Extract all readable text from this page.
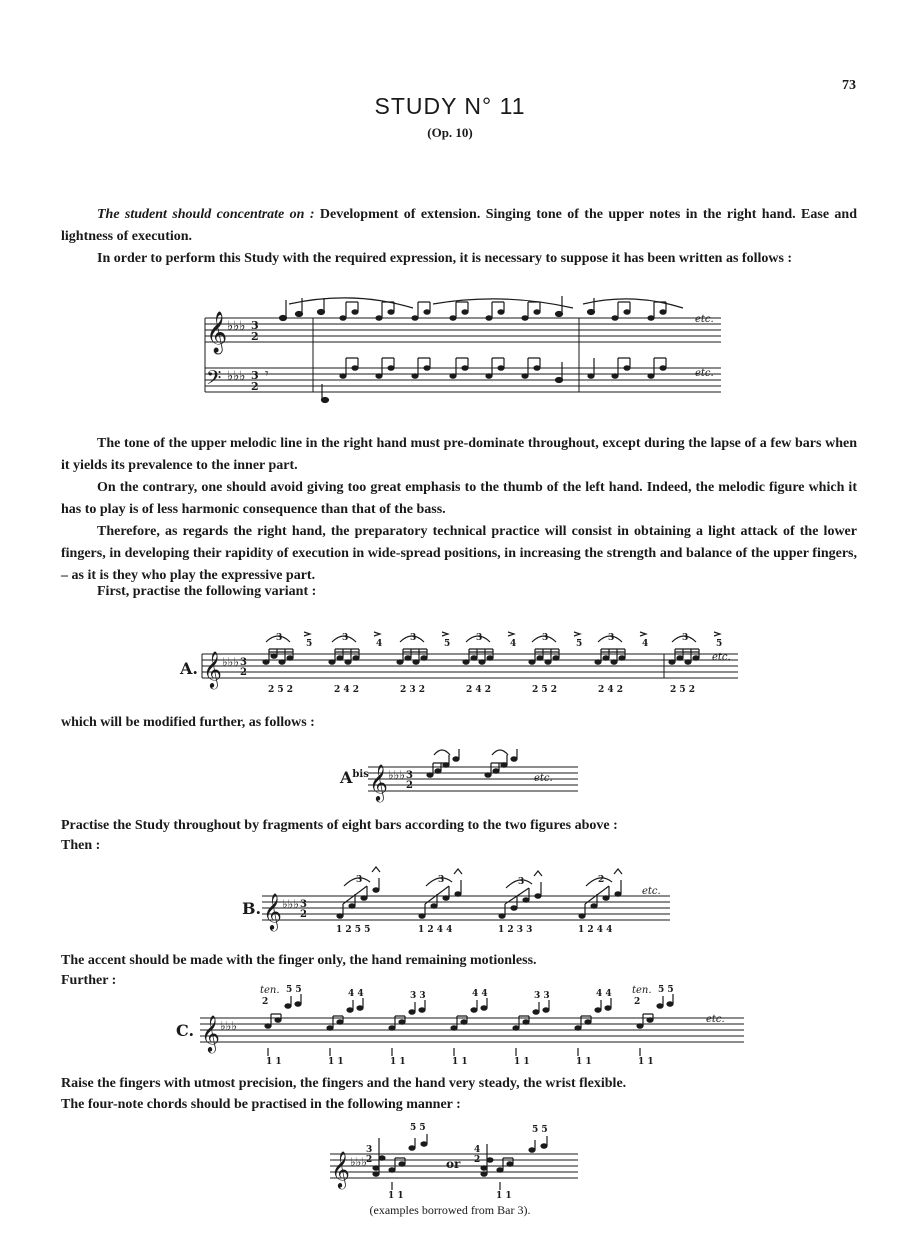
73
STUDY N° 11
(Op. 10)

The student should concentrate on : Development of extension. Singing tone of the upper notes in the right hand. Ease and lightness of execution.

In order to perform this Study with the required expression, it is necessary to suppose it has been written as follows :

𝄞
𝄢
♭♭♭
♭♭♭
3
2
3
2
𝄾
etc.
etc.

The tone of the upper melodic line in the right hand must pre-dominate throughout, except during the lapse of a few bars when it yields its prevalence to the inner part.

On the contrary, one should avoid giving too great emphasis to the thumb of the left hand. Indeed, the melodic figure which it has to play is of less harmonic consequence than that of the bass.

Therefore, as regards the right hand, the preparatory technical practice will consist in obtaining a light attack of the lower fingers, in developing their rapidity of execution in wide-spread positions, in increasing the strength and balance of the upper fingers, – as it is they who play the expressive part.

First, practise the following variant :

A. 𝄞 ♭♭♭ 3
2
3
5
3
4
3
5
3
4
3
5
3
4
3
5
2 5 2	2 4 2	2 3 2	2 4 2	2 5 2	2 4 2	2 5 2
etc.

which will be modified further, as follows :

$A^{bis}$ 𝄞 ♭♭♭ 3
2
etc.

Practise the Study throughout by fragments of eight bars according to the two figures above :

Then :

B. 𝄞 ♭♭♭ 3
2
3	3	3	2
1 2 5 5	1 2 4 4	1 2 3 3	1 2 4 4
etc.

The accent should be made with the finger only, the hand remaining motionless.

Further :

C. 𝄞 ♭♭♭
ten.	ten.
2	2
5 5	4 4	3 3	4 4	3 3	4 4	5 5
1 1	1 1	1 1	1 1	1 1	1 1	1 1
etc.

Raise the fingers with utmost precision, the fingers and the hand very steady, the wrist flexible.

The four-note chords should be practised in the following manner :

𝄞 ♭♭♭	or
3
2
4
2
5 5	5 5
1 1	1 1
(examples borrowed from Bar 3).
